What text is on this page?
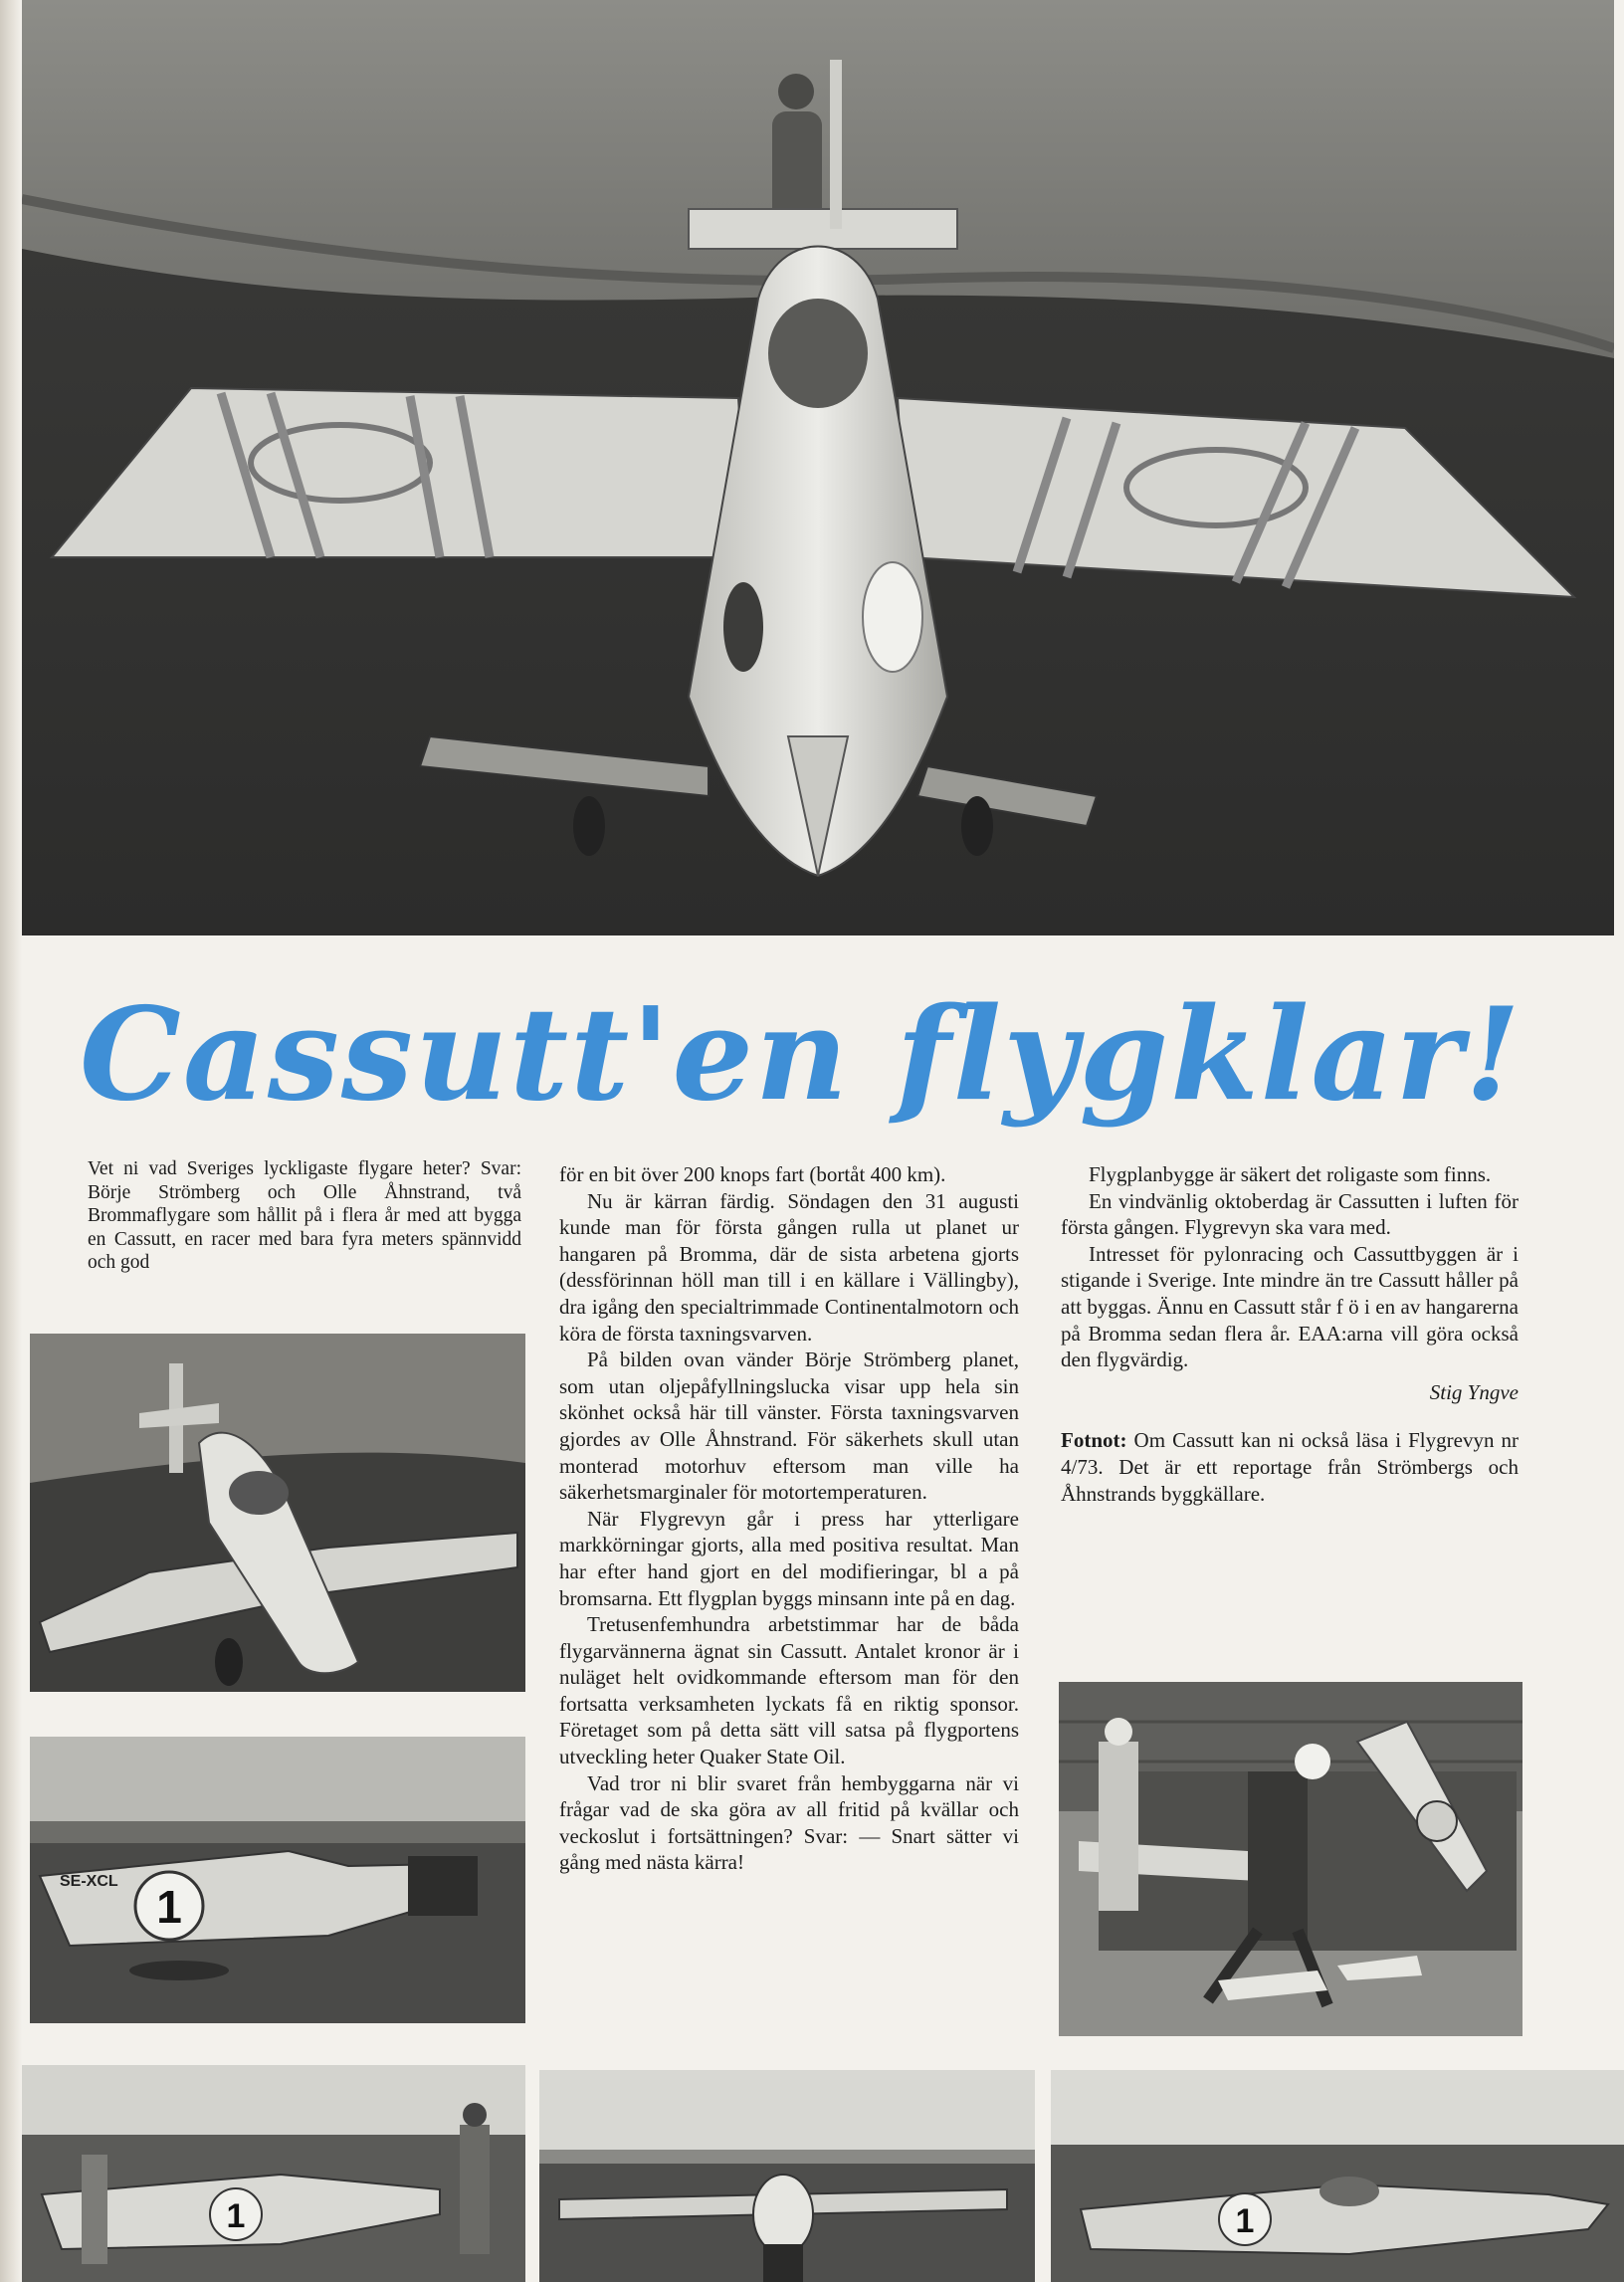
Cassutt'en flygklar!

Vet ni vad Sveriges lyckligaste flygare heter? Svar: Börje Strömberg och Olle Åhnstrand, två Brommaflygare som hållit på i flera år med att bygga en Cassutt, en racer med bara fyra meters spännvidd och god

1
SE-XCL

för en bit över 200 knops fart (bortåt 400 km).

Nu är kärran färdig. Söndagen den 31 augusti kunde man för första gången rulla ut planet ur hangaren på Bromma, där de sista arbetena gjorts (dessförinnan höll man till i en källare i Vällingby), dra igång den specialtrimmade Continentalmotorn och köra de första taxningsvarven.

På bilden ovan vänder Börje Strömberg planet, som utan oljepåfyllningslucka visar upp hela sin skönhet också här till vänster. Första taxningsvarven gjordes av Olle Åhnstrand. För säkerhets skull utan monterad motorhuv eftersom man ville ha säkerhetsmarginaler för motortemperaturen.

När Flygrevyn går i press har ytterligare markkörningar gjorts, alla med positiva resultat. Man har efter hand gjort en del modifieringar, bl a på bromsarna. Ett flygplan byggs minsann inte på en dag.

Tretusenfemhundra arbetstimmar har de båda flygarvännerna ägnat sin Cassutt. Antalet kronor är i nuläget helt ovidkommande eftersom man för den fortsatta verksamheten lyckats få en riktig sponsor. Företaget som på detta sätt vill satsa på flygportens utveckling heter Quaker State Oil.

Vad tror ni blir svaret från hembyggarna när vi frågar vad de ska göra av all fritid på kvällar och veckoslut i fortsättningen? Svar: — Snart sätter vi gång med nästa kärra!

Flygplanbygge är säkert det roligaste som finns.

En vindvänlig oktoberdag är Cassutten i luften för första gången. Flygrevyn ska vara med.

Intresset för pylonracing och Cassuttbyggen är i stigande i Sverige. Inte mindre än tre Cassutt håller på att byggas. Ännu en Cassutt står f ö i en av hangarerna på Bromma sedan flera år. EAA:arna vill göra också den flygvärdig.

Stig Yngve

Fotnot: Om Cassutt kan ni också läsa i Flygrevyn nr 4/73. Det är ett reportage från Strömbergs och Åhnstrands byggkällare.

1	1
